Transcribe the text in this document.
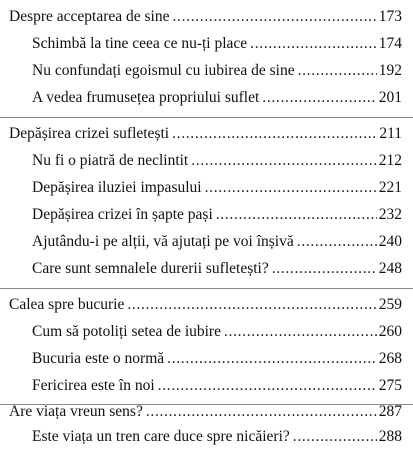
Despre acceptarea de sine . . .	173
Schimbă la tine ceea ce nu-ți place . . .	174
Nu confundați egoismul cu iubirea de sine . . .	192
A vedea frumusețea propriului suflet . . .	201
Depășirea crizei sufletești . . .	211
Nu fi o piatră de neclintit . . .	212
Depășirea iluziei impasului . . .	221
Depășirea crizei în șapte pași . . .	232
Ajutându-i pe alții, vă ajutați pe voi înșivă . . .	240
Care sunt semnalele durerii sufletești? . . .	248
Calea spre bucurie . . .	259
Cum să potoliți setea de iubire . . .	260
Bucuria este o normă . . .	268
Fericirea este în noi . . .	275
Are viața vreun sens? . . .	287
Este viața un tren care duce spre nicăieri? . . .	288
